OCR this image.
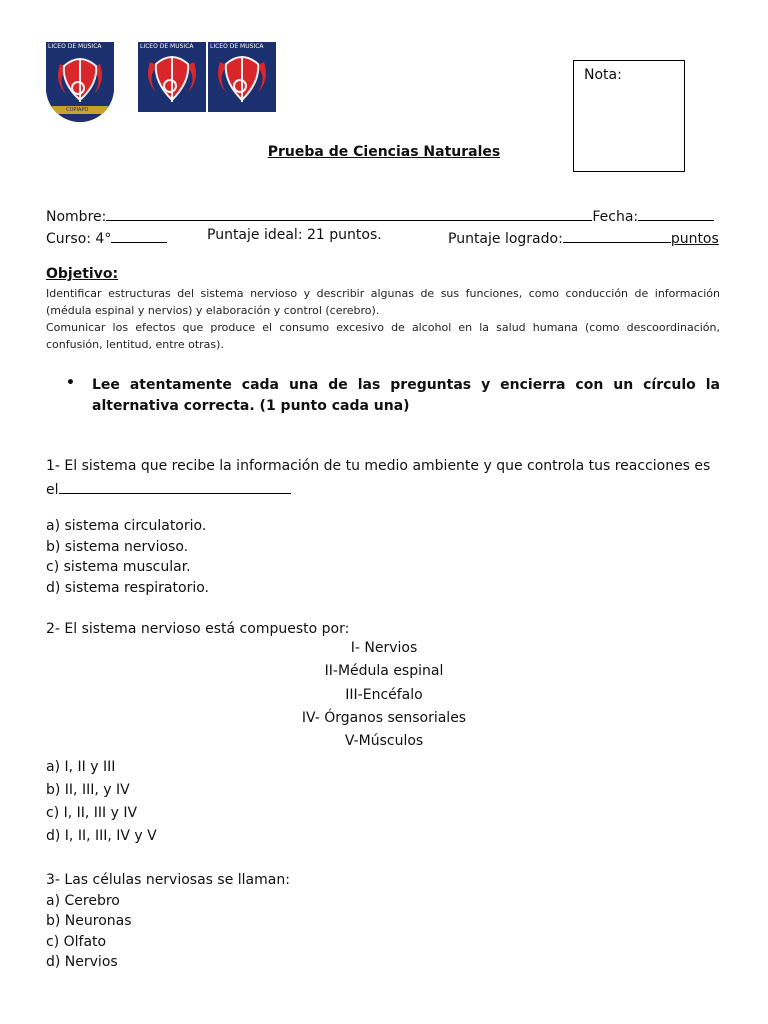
LICEO DE MUSICA
COPIAPO
LICEO DE MUSICA	LICEO DE MUSICA
Nota:
Prueba de Ciencias Naturales
Nombre:	Fecha:
Curso: 4°	Puntaje ideal: 21 puntos.	Puntaje logrado:	puntos
Objetivo:
Identificar estructuras del sistema nervioso y describir algunas de sus funciones, como conducción de información (médula espinal y nervios) y elaboración y control (cerebro).
Comunicar los efectos que produce el consumo excesivo de alcohol en la salud humana (como descoordinación, confusión, lentitud, entre otras).
• Lee atentamente cada una de las preguntas y encierra con un círculo la alternativa correcta. (1 punto cada una)
1- El sistema que recibe la información de tu medio ambiente y que controla tus reacciones es
el
a) sistema circulatorio.
b) sistema nervioso.
c) sistema muscular.
d) sistema respiratorio.
2- El sistema nervioso está compuesto por:
I- Nervios
II-Médula espinal
III-Encéfalo
IV- Órganos sensoriales
V-Músculos
a) I, II y III
b) II, III, y IV
c) I, II, III y IV
d) I, II, III, IV y V
3- Las células nerviosas se llaman:
a) Cerebro
b) Neuronas
c) Olfato
d) Nervios
